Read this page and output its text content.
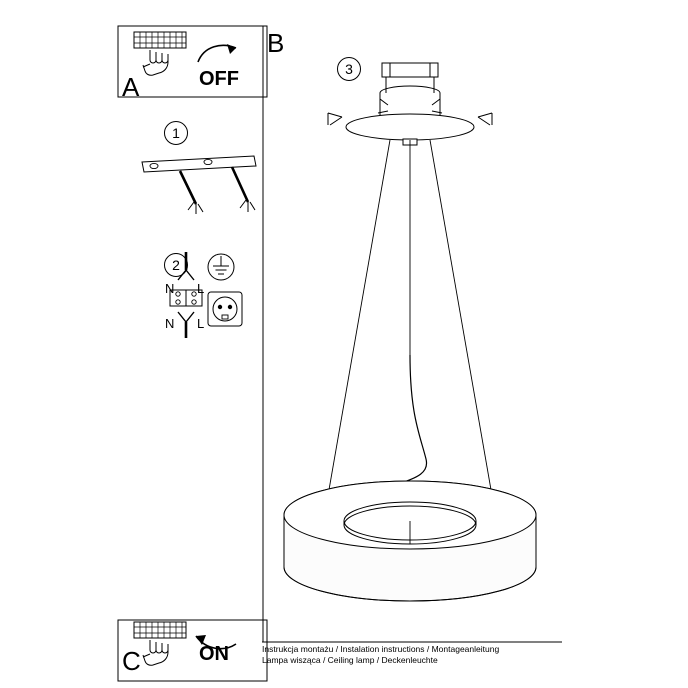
A	OFF
1
2
N L
N L
C	ON
B
3
Instrukcja montażu / Instalation instructions / Montageanleitung
Lampa wisząca / Ceiling lamp / Deckenleuchte
